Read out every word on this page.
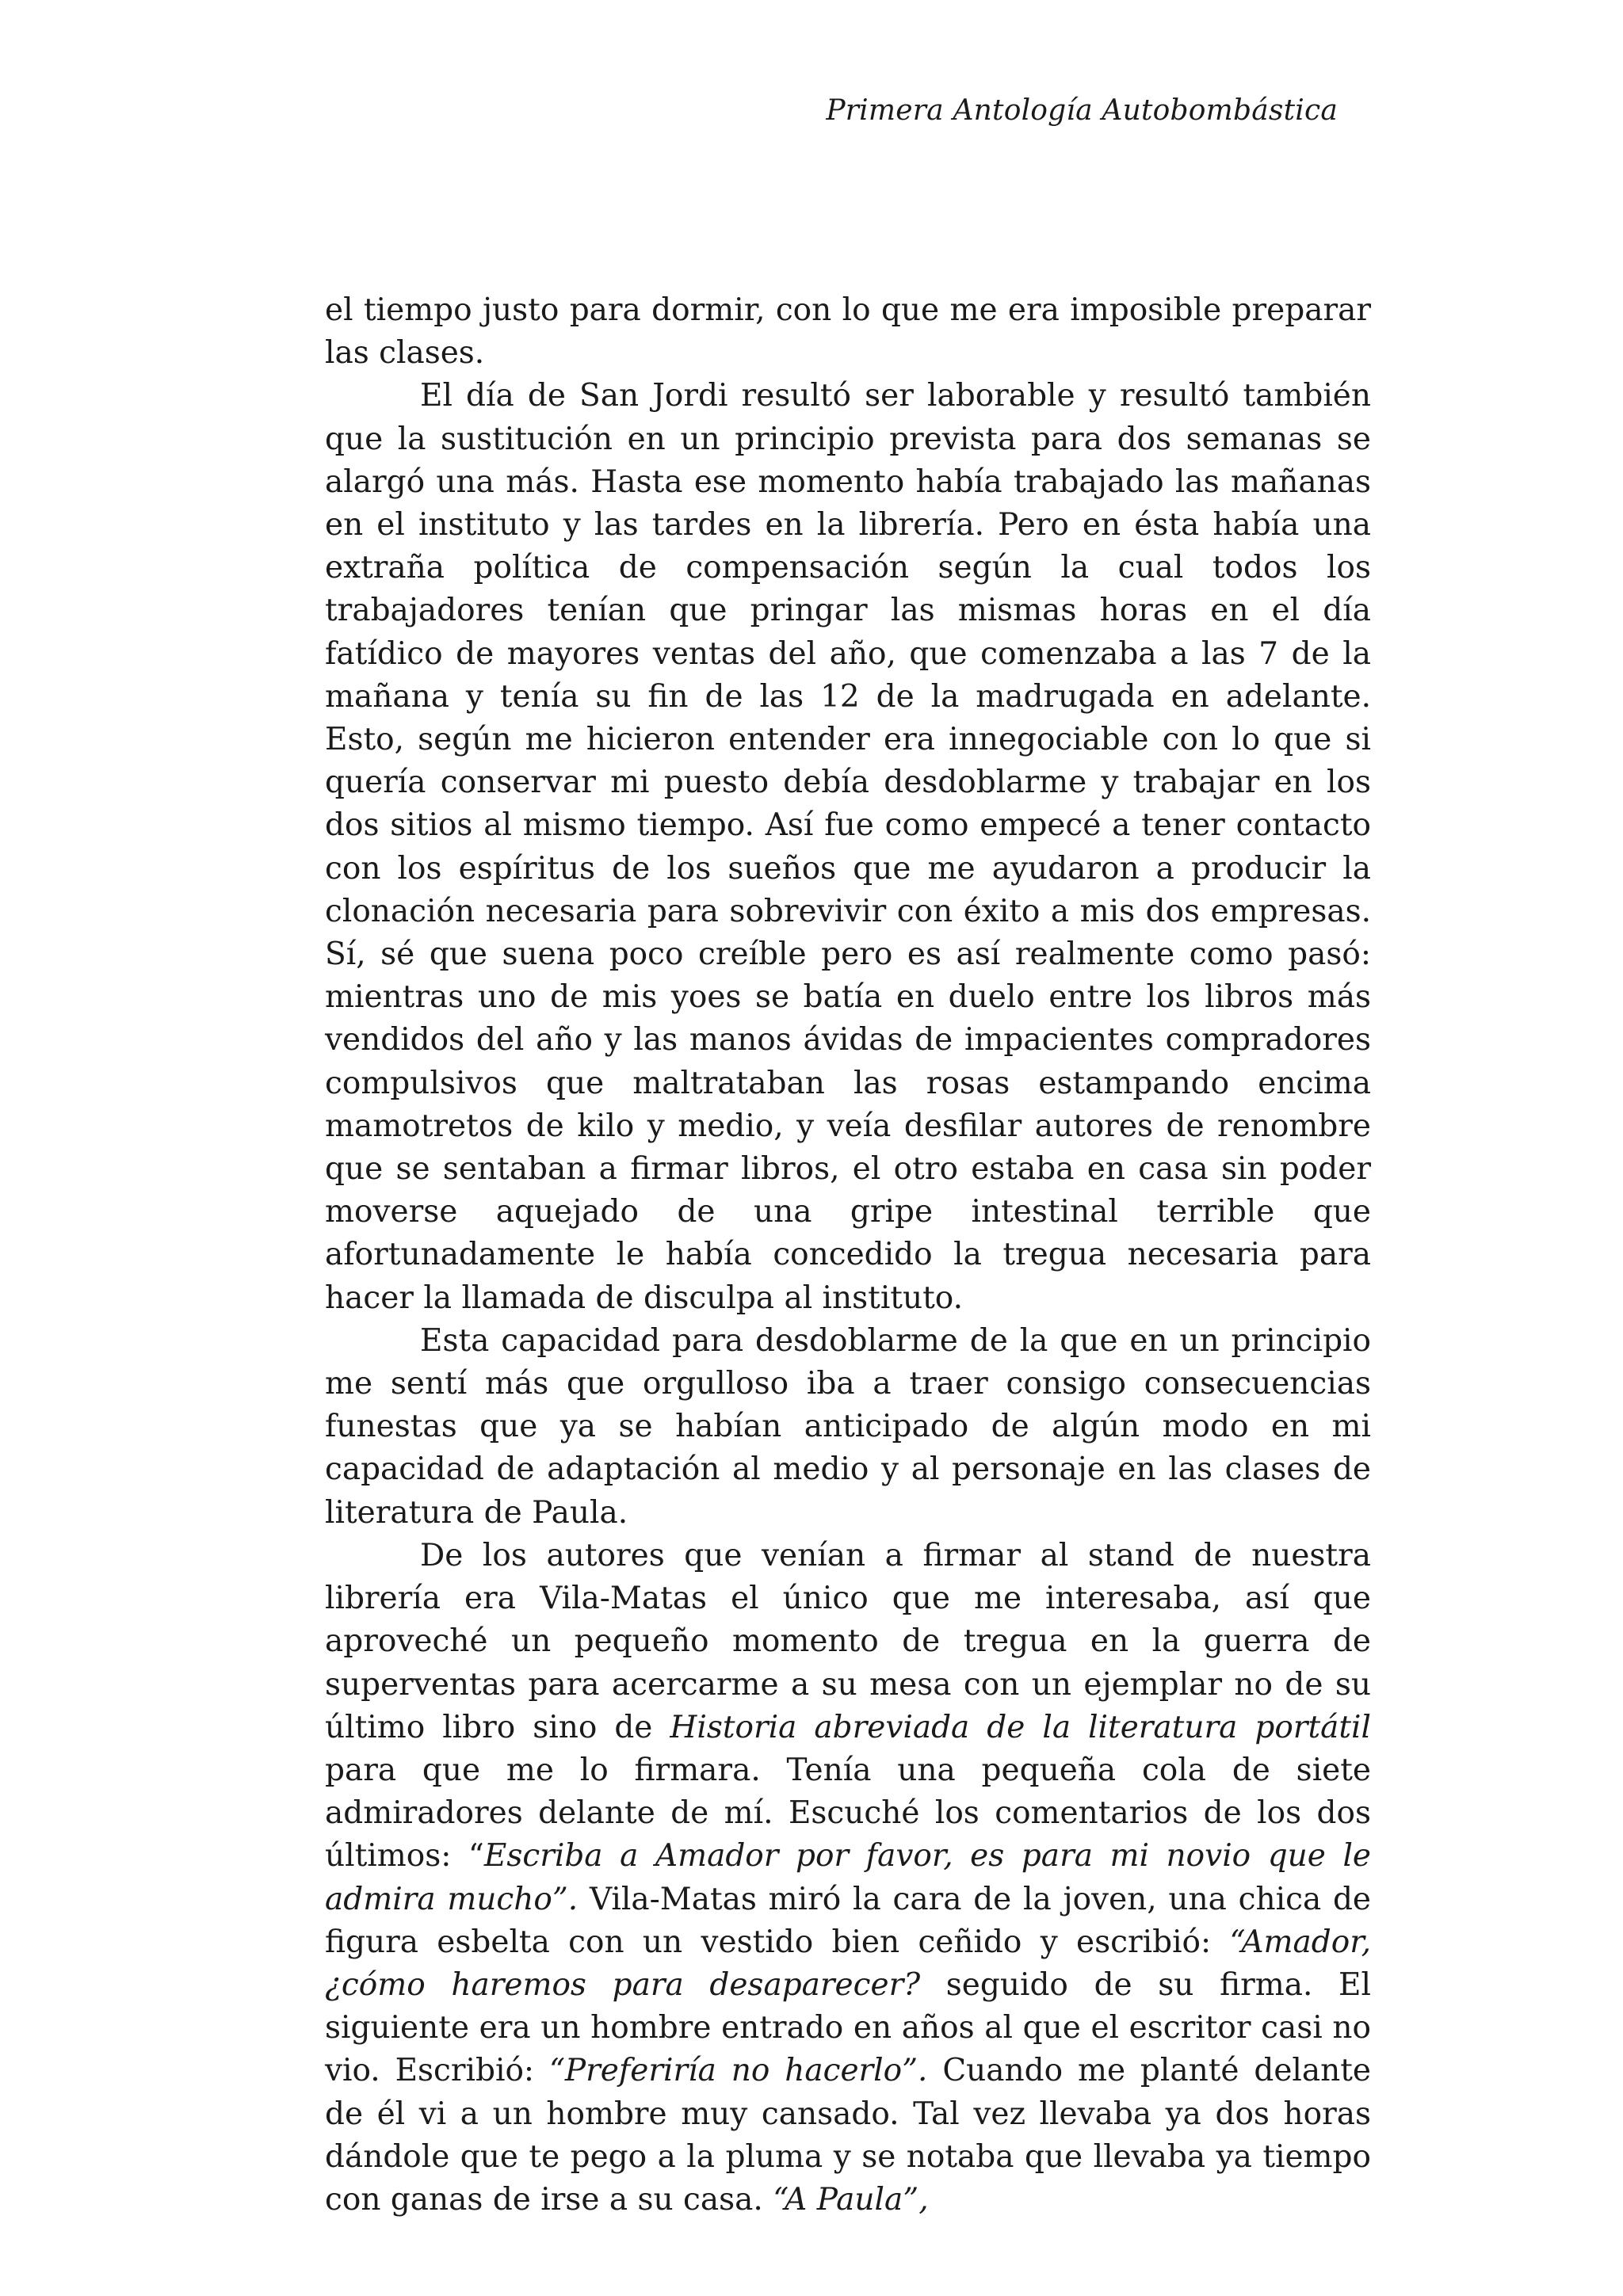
Primera Antología Autobombástica

el tiempo justo para dormir, con lo que me era imposible preparar las clases.

El día de San Jordi resultó ser laborable y resultó también que la sustitución en un principio prevista para dos semanas se alargó una más. Hasta ese momento había trabajado las mañanas en el instituto y las tardes en la librería. Pero en ésta había una extraña política de compensación según la cual todos los trabajadores tenían que pringar las mismas horas en el día fatídico de mayores ventas del año, que comenzaba a las 7 de la mañana y tenía su fin de las 12 de la madrugada en adelante. Esto, según me hicieron entender era innegociable con lo que si quería conservar mi puesto debía desdoblarme y trabajar en los dos sitios al mismo tiempo. Así fue como empecé a tener contacto con los espíritus de los sueños que me ayudaron a producir la clonación necesaria para sobrevivir con éxito a mis dos empresas. Sí, sé que suena poco creíble pero es así realmente como pasó: mientras uno de mis yoes se batía en duelo entre los libros más vendidos del año y las manos ávidas de impacientes compradores compulsivos que maltrataban las rosas estampando encima mamotretos de kilo y medio, y veía desfilar autores de renombre que se sentaban a firmar libros, el otro estaba en casa sin poder moverse aquejado de una gripe intestinal terrible que afortunadamente le había concedido la tregua necesaria para hacer la llamada de disculpa al instituto.

Esta capacidad para desdoblarme de la que en un principio me sentí más que orgulloso iba a traer consigo consecuencias funestas que ya se habían anticipado de algún modo en mi capacidad de adaptación al medio y al personaje en las clases de literatura de Paula.

De los autores que venían a firmar al stand de nuestra librería era Vila-Matas el único que me interesaba, así que aproveché un pequeño momento de tregua en la guerra de superventas para acercarme a su mesa con un ejemplar no de su último libro sino de Historia abreviada de la literatura portátil para que me lo firmara. Tenía una pequeña cola de siete admiradores delante de mí. Escuché los comentarios de los dos últimos: “Escriba a Amador por favor, es para mi novio que le admira mucho”. Vila-Matas miró la cara de la joven, una chica de figura esbelta con un vestido bien ceñido y escribió: “Amador, ¿cómo haremos para desaparecer? seguido de su firma. El siguiente era un hombre entrado en años al que el escritor casi no vio. Escribió: “Preferiría no hacerlo”. Cuando me planté delante de él vi a un hombre muy cansado. Tal vez llevaba ya dos horas dándole que te pego a la pluma y se notaba que llevaba ya tiempo con ganas de irse a su casa. “A Paula”,
